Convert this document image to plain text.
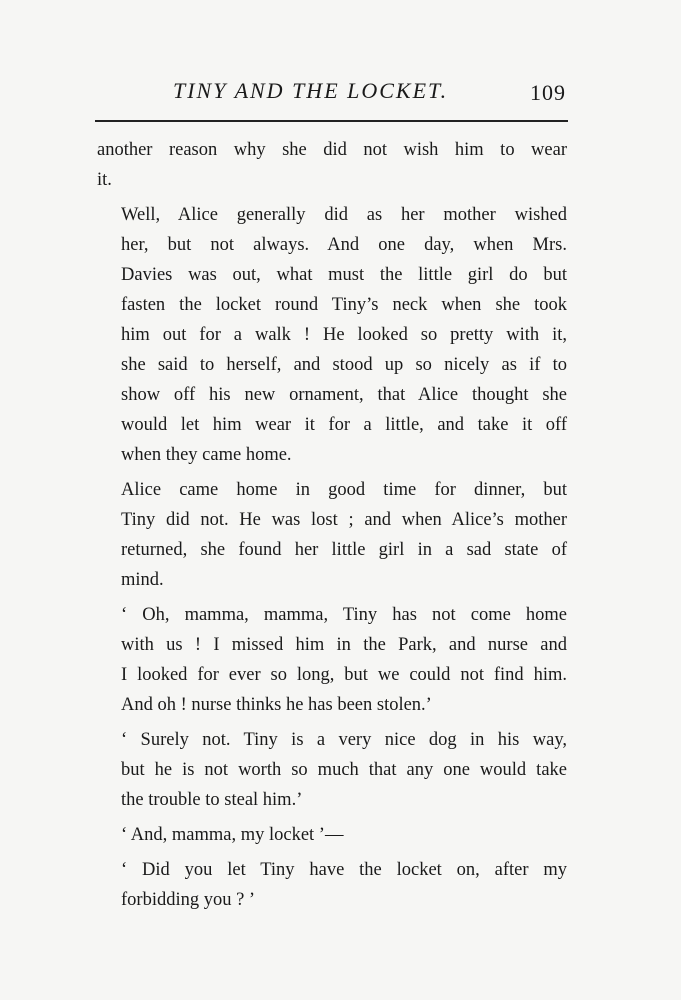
TINY AND THE LOCKET.	109

another reason why she did not wish him to wear
it.

Well, Alice generally did as her mother wished
her, but not always. And one day, when Mrs.
Davies was out, what must the little girl do but
fasten the locket round Tiny’s neck when she took
him out for a walk ! He looked so pretty with it,
she said to herself, and stood up so nicely as if to
show off his new ornament, that Alice thought she
would let him wear it for a little, and take it off
when they came home.

Alice came home in good time for dinner, but
Tiny did not. He was lost ; and when Alice’s mother
returned, she found her little girl in a sad state of
mind.

‘ Oh, mamma, mamma, Tiny has not come home
with us ! I missed him in the Park, and nurse and
I looked for ever so long, but we could not find him.
And oh ! nurse thinks he has been stolen.’

‘ Surely not. Tiny is a very nice dog in his way,
but he is not worth so much that any one would take
the trouble to steal him.’

‘ And, mamma, my locket ’—

‘ Did you let Tiny have the locket on, after my
forbidding you ? ’
